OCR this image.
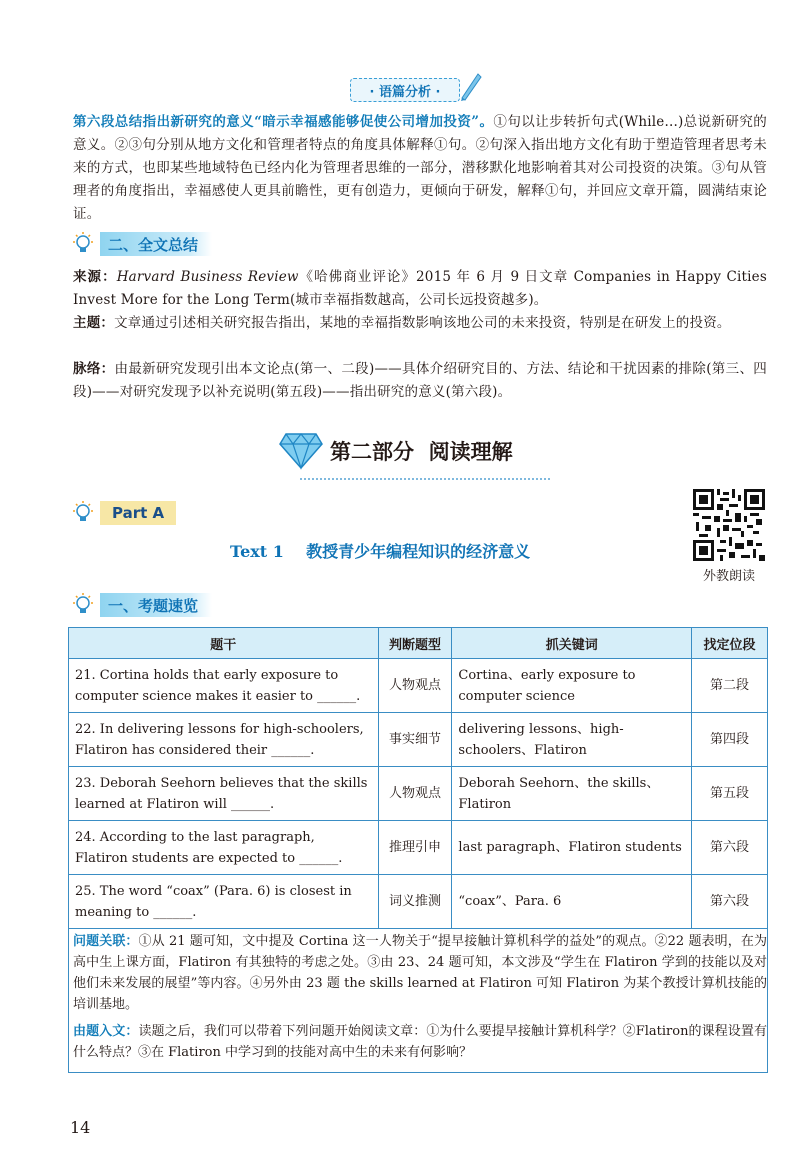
· 语篇分析 ·
第六段总结指出新研究的意义“暗示幸福感能够促使公司增加投资”。①句以让步转折句式(While...)总说新研究的意义。②③句分别从地方文化和管理者特点的角度具体解释①句。②句深入指出地方文化有助于塑造管理者思考未来的方式，也即某些地域特色已经内化为管理者思维的一部分，潜移默化地影响着其对公司投资的决策。③句从管理者的角度指出，幸福感使人更具前瞻性，更有创造力，更倾向于研发，解释①句，并回应文章开篇，圆满结束论证。
二、全文总结
来源：Harvard Business Review《哈佛商业评论》2015 年 6 月 9 日文章 Companies in Happy Cities Invest More for the Long Term(城市幸福指数越高，公司长远投资越多)。
主题：文章通过引述相关研究报告指出，某地的幸福指数影响该地公司的未来投资，特别是在研发上的投资。
脉络：由最新研究发现引出本文论点(第一、二段)——具体介绍研究目的、方法、结论和干扰因素的排除(第三、四段)——对研究发现予以补充说明(第五段)——指出研究的意义(第六段)。
第二部分  阅读理解
Part A
Text 1    教授青少年编程知识的经济意义
外教朗读
一、考题速览
题干	判断题型	抓关键词	找定位段
21. Cortina holds that early exposure to computer science makes it easier to ______.	人物观点	Cortina、early exposure to computer science	第二段
22. In delivering lessons for high-schoolers, Flatiron has considered their ______.	事实细节	delivering lessons、high-schoolers、Flatiron	第四段
23. Deborah Seehorn believes that the skills learned at Flatiron will ______.	人物观点	Deborah Seehorn、the skills、Flatiron	第五段
24. According to the last paragraph, Flatiron students are expected to ______.	推理引申	last paragraph、Flatiron students	第六段
25. The word “coax” (Para. 6) is closest in meaning to ______.	词义推测	“coax”、Para. 6	第六段
问题关联：①从 21 题可知，文中提及 Cortina 这一人物关于“提早接触计算机科学的益处”的观点。②22 题表明，在为高中生上课方面，Flatiron 有其独特的考虑之处。③由 23、24 题可知，本文涉及“学生在 Flatiron 学到的技能以及对他们未来发展的展望”等内容。④另外由 23 题 the skills learned at Flatiron 可知 Flatiron 为某个教授计算机技能的培训基地。
由题入文：读题之后，我们可以带着下列问题开始阅读文章：①为什么要提早接触计算机科学？②Flatiron的课程设置有什么特点？③在 Flatiron 中学习到的技能对高中生的未来有何影响？
14
